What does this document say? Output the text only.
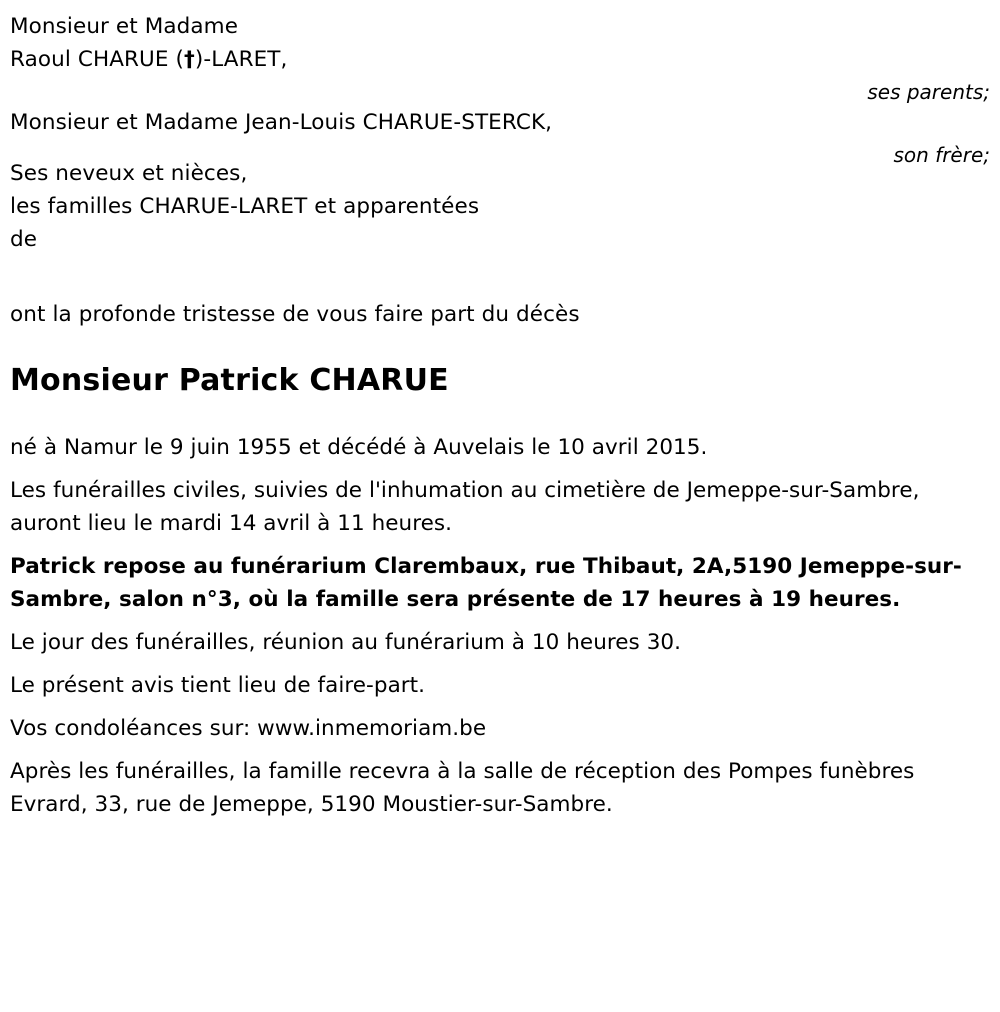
Monsieur et Madame
Raoul CHARUE (†)-LARET,
ses parents;
Monsieur et Madame Jean-Louis CHARUE-STERCK,
son frère;
Ses neveux et nièces,
les familles CHARUE-LARET et apparentées
de
ont la profonde tristesse de vous faire part du décès
Monsieur Patrick CHARUE

né à Namur le 9 juin 1955 et décédé à Auvelais le 10 avril 2015.

Les funérailles civiles, suivies de l'inhumation au cimetière de Jemeppe-sur-Sambre, auront lieu le mardi 14 avril à 11 heures.

Patrick repose au funérarium Clarembaux, rue Thibaut, 2A,5190 Jemeppe-sur-Sambre, salon n°3, où la famille sera présente de 17 heures à 19 heures.

Le jour des funérailles, réunion au funérarium à 10 heures 30.

Le présent avis tient lieu de faire-part.

Vos condoléances sur: www.inmemoriam.be

Après les funérailles, la famille recevra à la salle de réception des Pompes funèbres Evrard, 33, rue de Jemeppe, 5190 Moustier-sur-Sambre.
